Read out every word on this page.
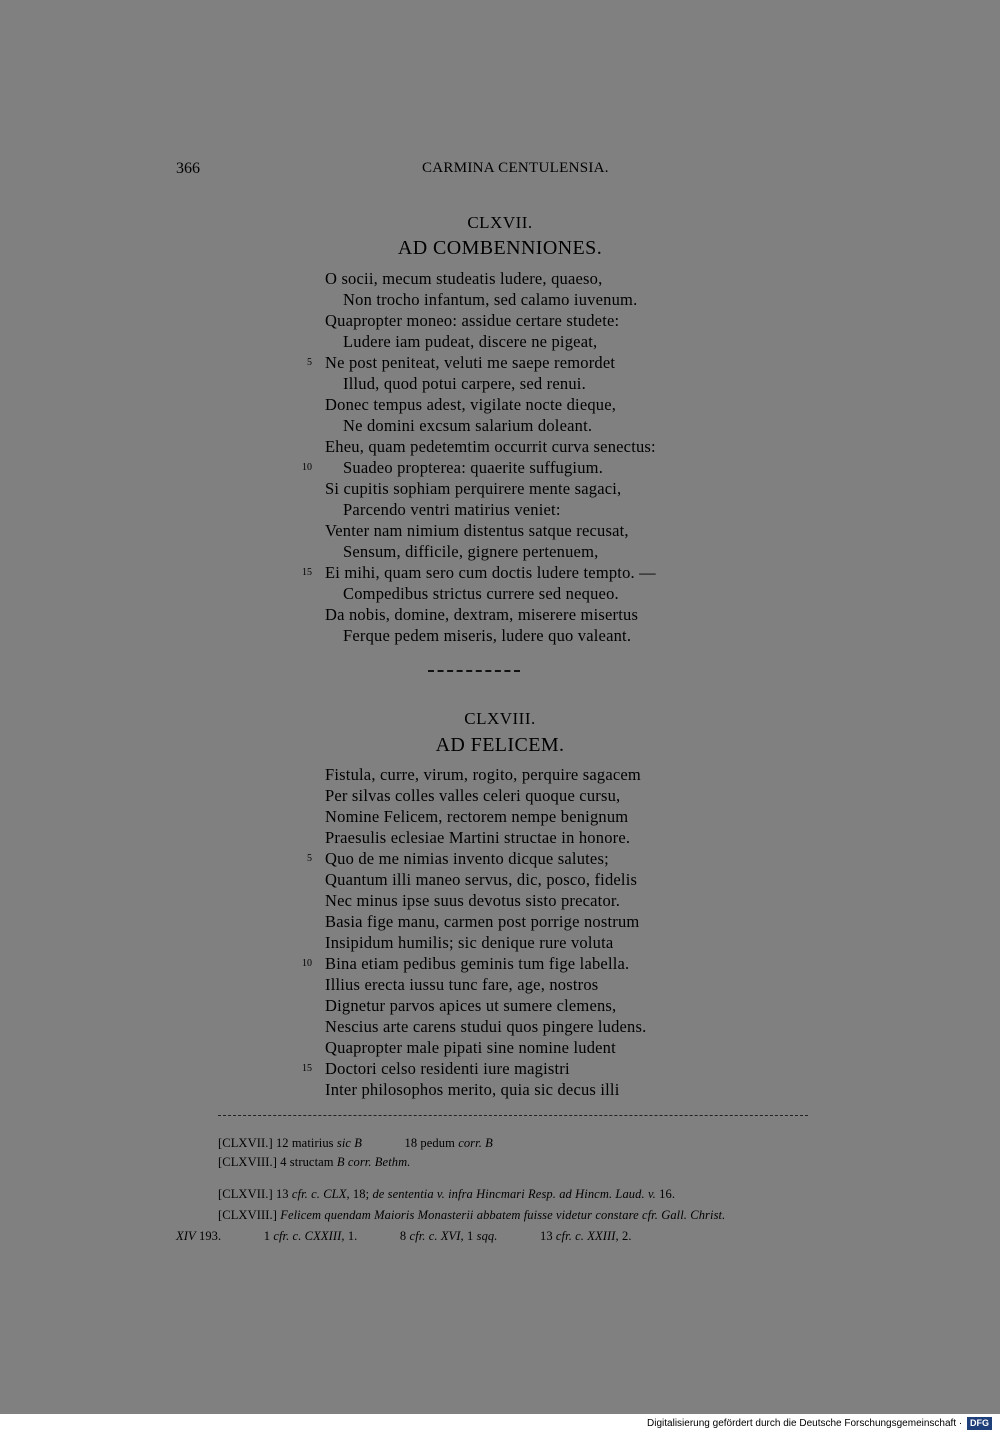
366	CARMINA CENTULENSIA.
CLXVII.
AD COMBENNIONES.
O socii, mecum studeatis ludere, quaeso,
Non trocho infantum, sed calamo iuvenum.
Quapropter moneo: assidue certare studete:
Ludere iam pudeat, discere ne pigeat,
5 Ne post peniteat, veluti me saepe remordet
Illud, quod potui carpere, sed renui.
Donec tempus adest, vigilate nocte dieque,
Ne domini excsum salarium doleant.
Eheu, quam pedetemtim occurrit curva senectus:
10 Suadeo propterea: quaerite suffugium.
Si cupitis sophiam perquirere mente sagaci,
Parcendo ventri matirius veniet:
Venter nam nimium distentus satque recusat,
Sensum, difficile, gignere pertenuem,
15 Ei mihi, quam sero cum doctis ludere tempto. —
Compedibus strictus currere sed nequeo.
Da nobis, domine, dextram, miserere misertus
Ferque pedem miseris, ludere quo valeant.
CLXVIII.
AD FELICEM.
Fistula, curre, virum, rogito, perquire sagacem
Per silvas colles valles celeri quoque cursu,
Nomine Felicem, rectorem nempe benignum
Praesulis eclesiae Martini structae in honore.
5 Quo de me nimias invento dicque salutes;
Quantum illi maneo servus, dic, posco, fidelis
Nec minus ipse suus devotus sisto precator.
Basia fige manu, carmen post porrige nostrum
Insipidum humilis; sic denique rure voluta
10 Bina etiam pedibus geminis tum fige labella.
Illius erecta iussu tunc fare, age, nostros
Dignetur parvos apices ut sumere clemens,
Nescius arte carens studui quos pingere ludens.
Quapropter male pipati sine nomine ludent
15 Doctori celso residenti iure magistri
Inter philosophos merito, quia sic decus illi
[CLXVII.] 12 matirius sic B	18 pedum corr. B
[CLXVIII.] 4 structam B corr. Bethm.
[CLXVII.] 13 cfr. c. CLX, 18; de sententia v. infra Hincmari Resp. ad Hincm. Laud. v. 16.
[CLXVIII.] Felicem quendam Maioris Monasterii abbatem fuisse videtur constare cfr. Gall. Christ.
XIV 193.	1 cfr. c. CXXIII, 1.	8 cfr. c. XVI, 1 sqq.	13 cfr. c. XXIII, 2.
Digitalisierung gefördert durch die Deutsche Forschungsgemeinschaft · DFG
